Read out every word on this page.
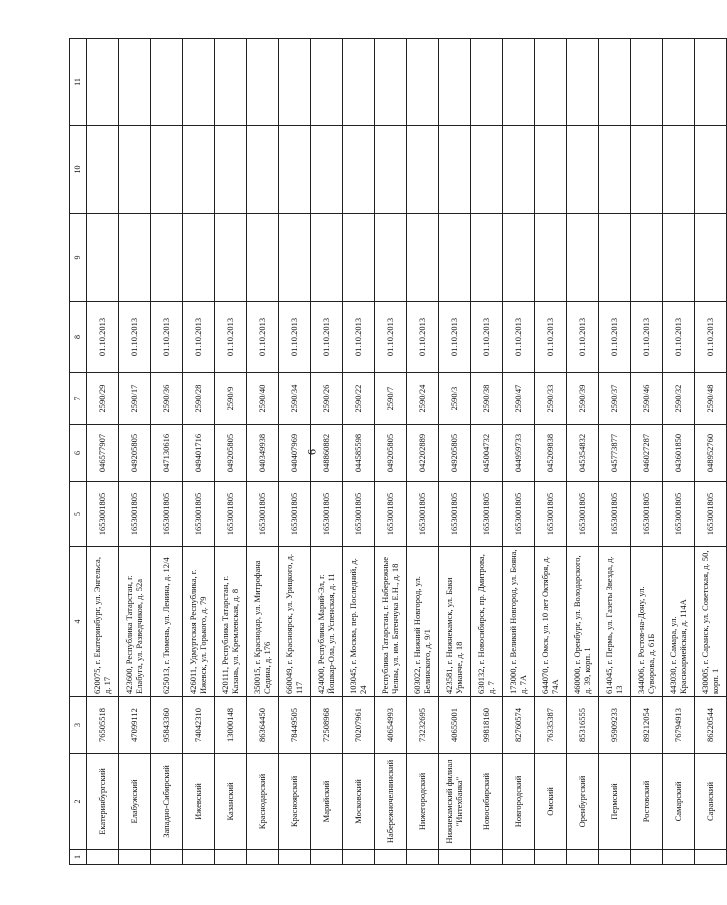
6
1	2	3	4	5	6	7	8	9	10	11
	Екатеринбургский	76505518	620075, г. Екатеринбург, ул. Энгельса, д. 17	1653001805	046577907	2590/29	01.10.2013			
	Елабужский	47099112	423600, Республика Татарстан, г. Елабуга, ул. Разведчиков, д. 52а	1653001805	049205805	2590/17	01.10.2013			
	Западно-Сибирский	95843360	625013, г. Тюмень, ул. Ленина, д. 12/4	1653001805	047130616	2590/36	01.10.2013			
	Ижевский	74042310	426011, Удмуртская Республика, г. Ижевск, ул. Горького, д. 79	1653001805	049401716	2590/28	01.10.2013			
	Казанский	13000148	420111, Республика Татарстан, г. Казань, ул. Кремлевская, д. 8	1653001805	049205805	2590/9	01.10.2013			
	Краснодарский	86364450	350015, г. Краснодар, ул. Митрофана Седина, д. 176	1653001805	040349938	2590/40	01.10.2013			
	Красноярский	78449505	660049, г. Красноярск, ул. Урицкого, д. 117	1653001805	040407969	2590/34	01.10.2013			
	Марийский	72508968	424000, Республика Марий-Эл, г. Йошкар-Ола, ул. Успенская, д. 11	1653001805	048860882	2590/26	01.10.2013			
	Московский	70207961	103045, г. Москва, пер. Последний, д. 24	1653001805	044585598	2590/22	01.10.2013			
	Набережночелнинский	40654993	Республика Татарстан, г. Набережные Челны, ул. им. Батенчука Е.Н., д. 18	1653001805	049205805	2590/7	01.10.2013			
	Нижегородский	73232695	603022, г. Нижний Новгород, ул. Белинского, д. 9/1	1653001805	042202889	2590/24	01.10.2013			
	Нижнекамский филиал "Интехбанка"	40655001	423581, г. Нижнекамск, ул. Баки Урманче, д. 18	1653001805	049205805	2590/3	01.10.2013			
	Новосибирский	99818160	630132, г. Новосибирск, пр. Дмитрова, д. 7	1653001805	045004732	2590/38	01.10.2013			
	Новгородский	82760574	173000, г. Великий Новгород, ул. Бояна, д. 7А	1653001805	044959733	2590/47	01.10.2013			
	Омский	76335387	644070, г. Омск, ул. 10 лет Октября, д. 74А	1653001805	045209838	2590/33	01.10.2013			
	Оренбургский	85316555	460000, г. Оренбург, ул. Володарского, д. 39, корп. 1	1653001805	045354832	2590/39	01.10.2013			
	Пермский	95909233	614045, г. Пермь, ул. Газеты Звезда, д. 13	1653001805	045773877	2590/37	01.10.2013			
	Ростовский	89212054	344006, г. Ростов-на-Дону, ул. Суворова, д. 61Б	1653001805	046027287	2590/46	01.10.2013			
	Самарский	76794913	443030, г. Самара, ул. Красноармейская, д. 114А	1653001805	043601850	2590/32	01.10.2013			
	Саранский	86220544	430005, г. Саранск, ул. Советская, д. 50, корп. 1	1653001805	048952760	2590/48	01.10.2013			
